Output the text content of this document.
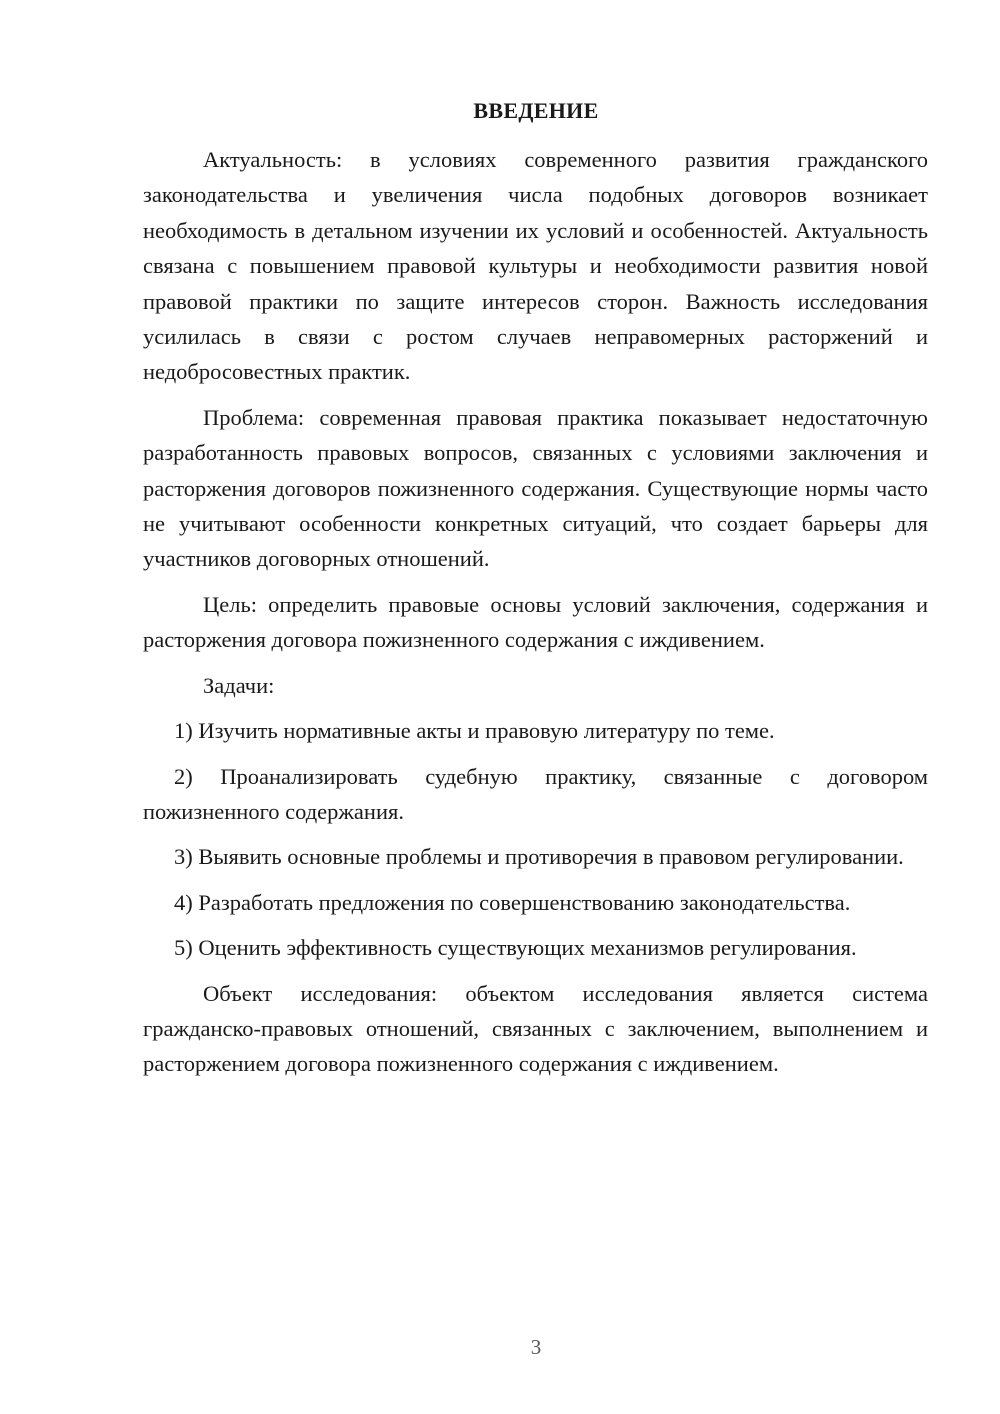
ВВЕДЕНИЕ

Актуальность: в условиях современного развития гражданского законодательства и увеличения числа подобных договоров возникает необходимость в детальном изучении их условий и особенностей. Актуальность связана с повышением правовой культуры и необходимости развития новой правовой практики по защите интересов сторон. Важность исследования усилилась в связи с ростом случаев неправомерных расторжений и недобросовестных практик.

Проблема: современная правовая практика показывает недостаточную разработанность правовых вопросов, связанных с условиями заключения и расторжения договоров пожизненного содержания. Существующие нормы часто не учитывают особенности конкретных ситуаций, что создает барьеры для участников договорных отношений.

Цель: определить правовые основы условий заключения, содержания и расторжения договора пожизненного содержания с иждивением.

Задачи:

1) Изучить нормативные акты и правовую литературу по теме.

2) Проанализировать судебную практику, связанные с договором пожизненного содержания.

3) Выявить основные проблемы и противоречия в правовом регулировании.

4) Разработать предложения по совершенствованию законодательства.

5) Оценить эффективность существующих механизмов регулирования.

Объект исследования: объектом исследования является система гражданско-правовых отношений, связанных с заключением, выполнением и расторжением договора пожизненного содержания с иждивением.

3
